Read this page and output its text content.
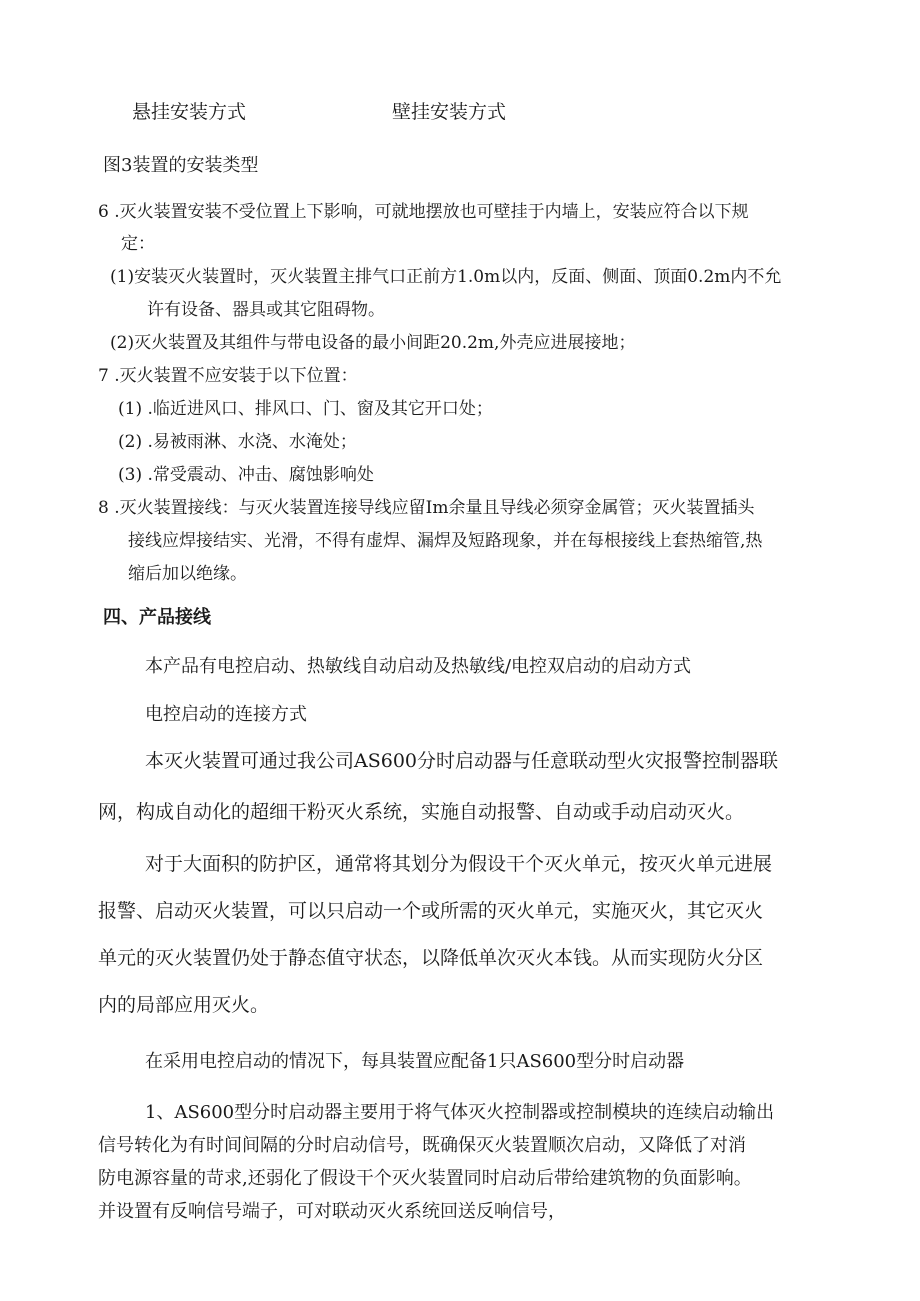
悬挂安装方式	壁挂安装方式
图3装置的安装类型
6 .灭火装置安装不受位置上下影响，可就地摆放也可壁挂于内墙上，安装应符合以下规
定：
(1)安装灭火装置时，灭火装置主排气口正前方1.0m以内，反面、侧面、顶面0.2m内不允
许有设备、器具或其它阻碍物。
(2)灭火装置及其组件与带电设备的最小间距20.2m,外壳应进展接地；
7 .灭火装置不应安装于以下位置：
(1) .临近进风口、排风口、门、窗及其它开口处；
(2) .易被雨淋、水浇、水淹处；
(3) .常受震动、冲击、腐蚀影响处
8 .灭火装置接线：与灭火装置连接导线应留Im余量且导线必须穿金属管；灭火装置插头
接线应焊接结实、光滑，不得有虚焊、漏焊及短路现象，并在每根接线上套热缩管,热
缩后加以绝缘。
四、产品接线
本产品有电控启动、热敏线自动启动及热敏线/电控双启动的启动方式
电控启动的连接方式
本灭火装置可通过我公司AS600分时启动器与任意联动型火灾报警控制器联
网，构成自动化的超细干粉灭火系统，实施自动报警、自动或手动启动灭火。
对于大面积的防护区，通常将其划分为假设干个灭火单元，按灭火单元进展
报警、启动灭火装置，可以只启动一个或所需的灭火单元，实施灭火，其它灭火
单元的灭火装置仍处于静态值守状态，以降低单次灭火本钱。从而实现防火分区
内的局部应用灭火。
在采用电控启动的情况下，每具装置应配备1只AS600型分时启动器
1、AS600型分时启动器主要用于将气体灭火控制器或控制模块的连续启动输出
信号转化为有时间间隔的分时启动信号，既确保灭火装置顺次启动，又降低了对消
防电源容量的苛求,还弱化了假设干个灭火装置同时启动后带给建筑物的负面影响。
并设置有反响信号端子，可对联动灭火系统回送反响信号，
